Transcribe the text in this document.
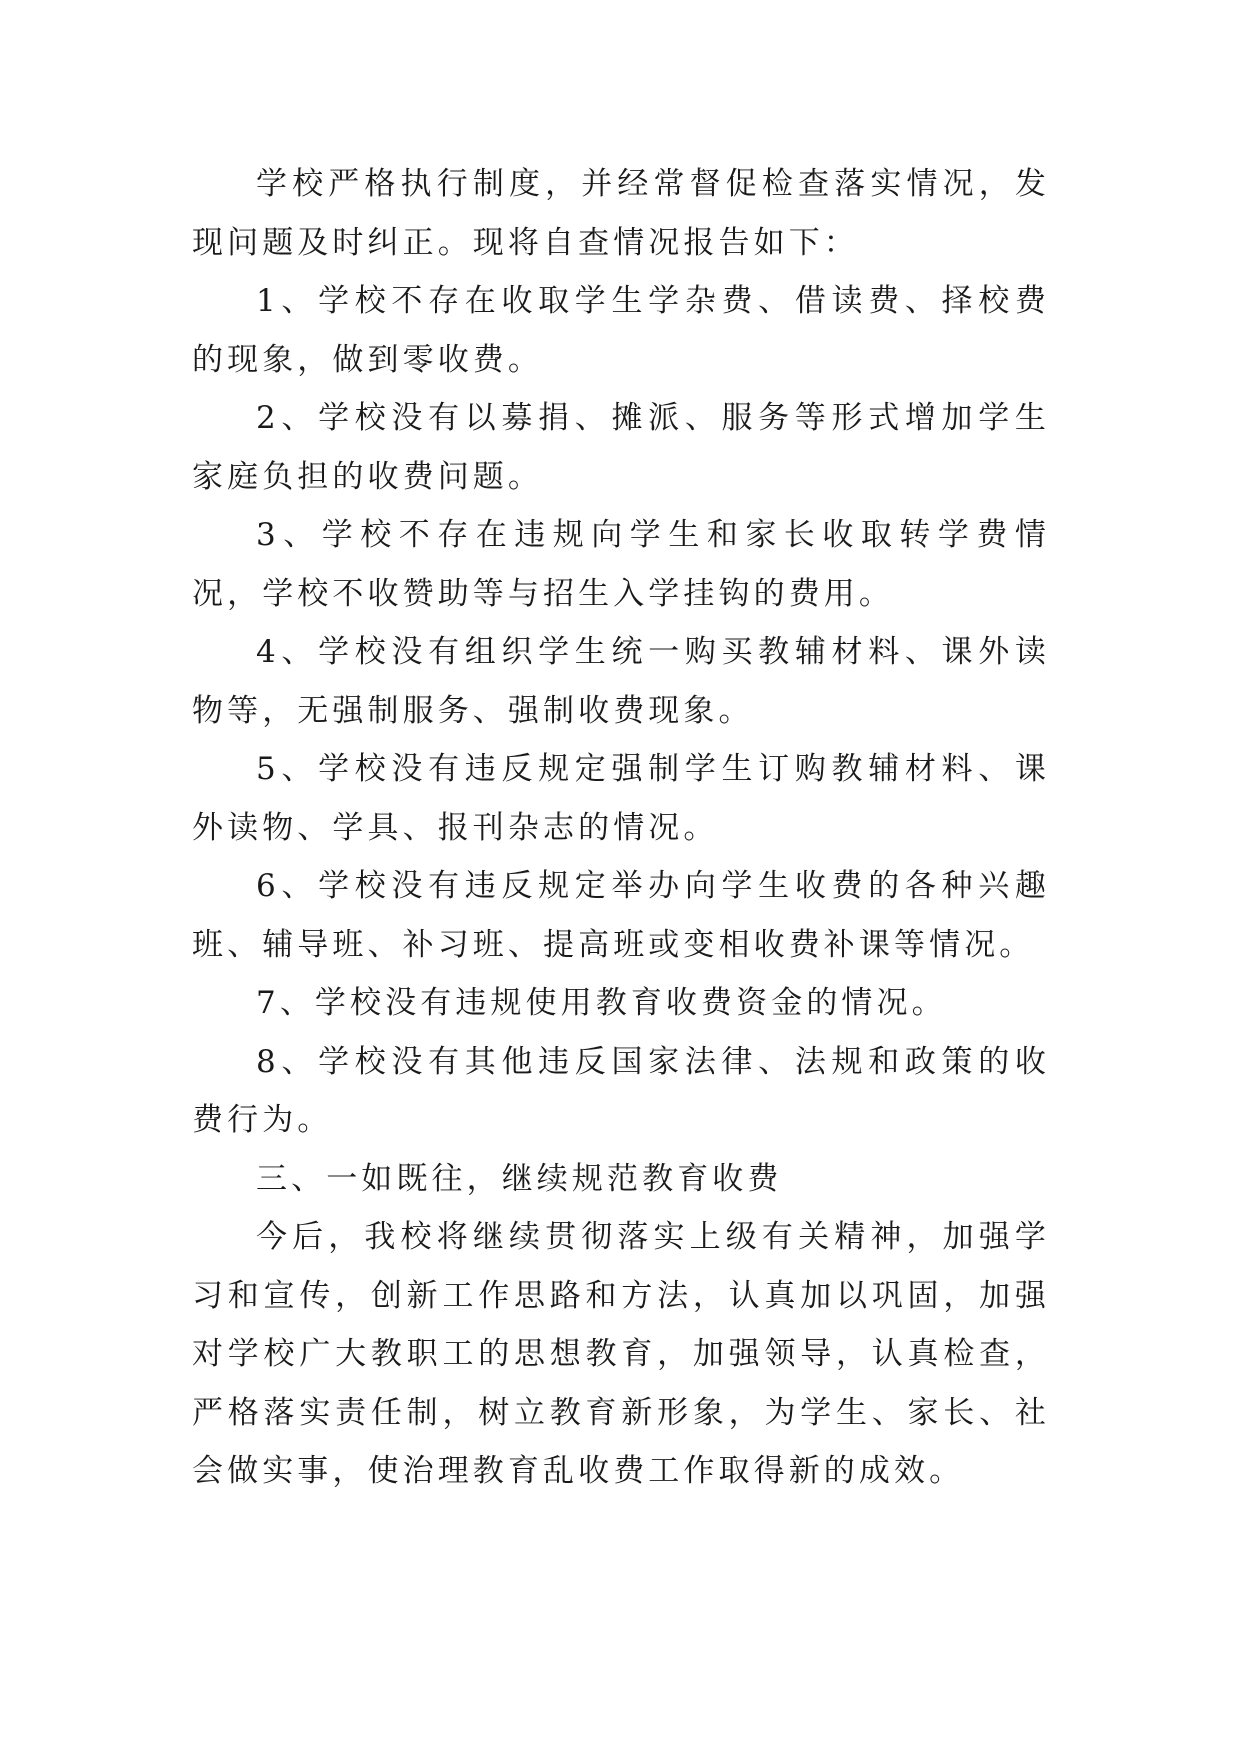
学校严格执行制度，并经常督促检查落实情况，发现问题及时纠正。现将自查情况报告如下：

1、学校不存在收取学生学杂费、借读费、择校费的现象，做到零收费。

2、学校没有以募捐、摊派、服务等形式增加学生家庭负担的收费问题。

3、学校不存在违规向学生和家长收取转学费情况，学校不收赞助等与招生入学挂钩的费用。

4、学校没有组织学生统一购买教辅材料、课外读物等，无强制服务、强制收费现象。

5、学校没有违反规定强制学生订购教辅材料、课外读物、学具、报刊杂志的情况。

6、学校没有违反规定举办向学生收费的各种兴趣班、辅导班、补习班、提高班或变相收费补课等情况。

7、学校没有违规使用教育收费资金的情况。

8、学校没有其他违反国家法律、法规和政策的收费行为。

三、一如既往，继续规范教育收费

今后，我校将继续贯彻落实上级有关精神，加强学习和宣传，创新工作思路和方法，认真加以巩固，加强对学校广大教职工的思想教育，加强领导，认真检查，严格落实责任制，树立教育新形象，为学生、家长、社会做实事，使治理教育乱收费工作取得新的成效。
